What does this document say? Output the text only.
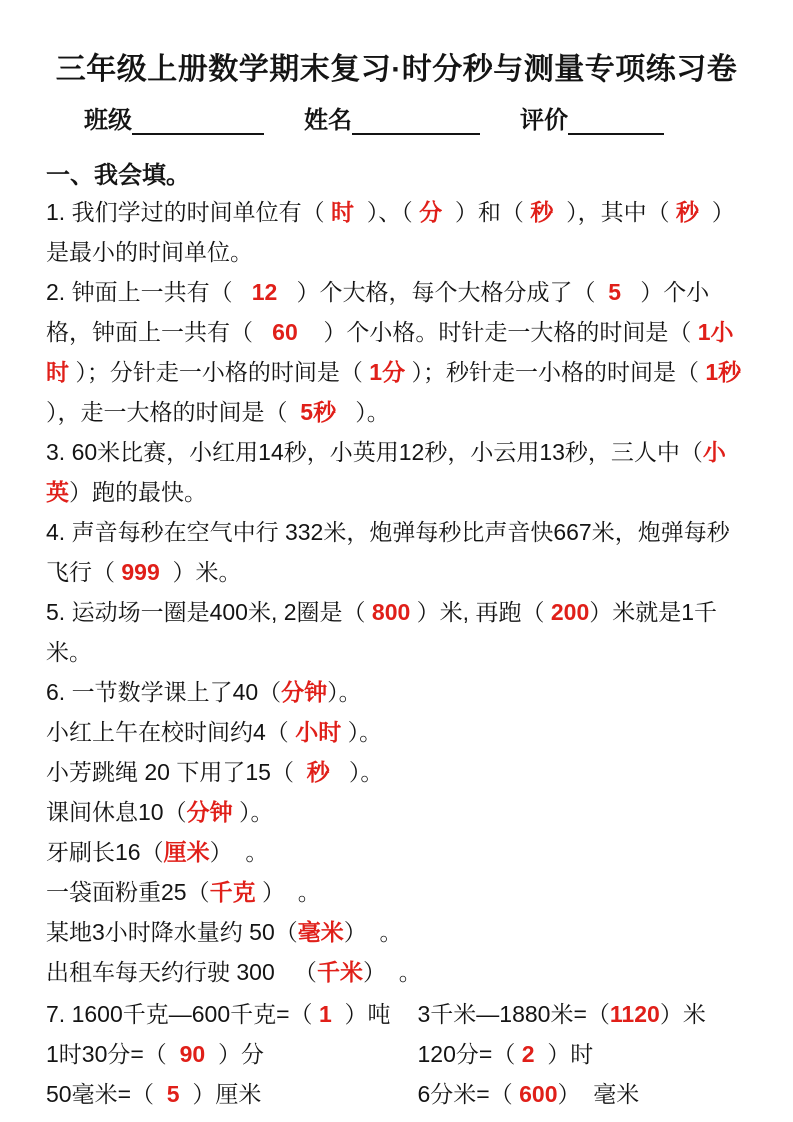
三年级上册数学期末复习·时分秒与测量专项练习卷
班级	姓名	评价
一、我会填。

1. 我们学过的时间单位有（ 时  ）、（ 分  ）和（ 秒  ），其中（ 秒  ）是最小的时间单位。

2. 钟面上一共有（   12   ）个大格，每个大格分成了（  5   ）个小格，钟面上一共有（   60    ）个小格。时针走一大格的时间是（ 1小时 ）；分针走一小格的时间是（ 1分 ）；秒针走一小格的时间是（ 1秒 ），走一大格的时间是（  5秒   ）。

3. 60米比赛，小红用14秒，小英用12秒，小云用13秒，三人中（小英）跑的最快。

4. 声音每秒在空气中行 332米，炮弹每秒比声音快667米，炮弹每秒飞行（ 999  ）米。

5. 运动场一圈是400米, 2圈是（ 800 ）米, 再跑（ 200）米就是1千米。

6. 一节数学课上了40（分钟）。

小红上午在校时间约4（ 小时 ）。

小芳跳绳 20 下用了15（  秒   ）。

课间休息10（分钟 ）。

牙刷长16（厘米）  。

一袋面粉重25（千克 ）  。

某地3小时降水量约 50（毫米）  。

出租车每天约行驶 300   （千米）  。

7. 1600千克—600千克=（ 1  ）吨

1时30分=（  90  ）分

50毫米=（  5  ）厘米

3千米—1880米=（1120）米

120分=（ 2  ）时

6分米=（ 600）  毫米
